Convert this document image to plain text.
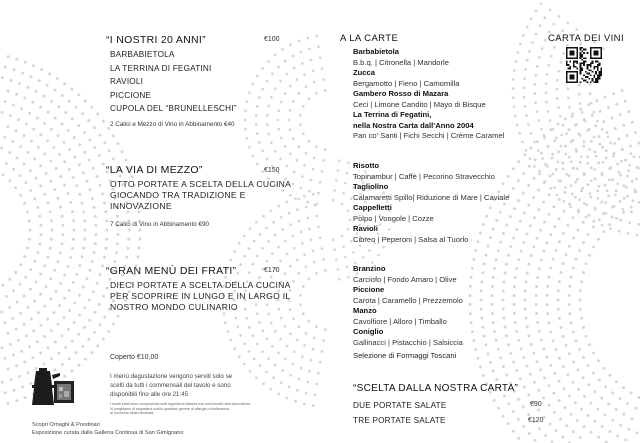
“I NOSTRI 20 ANNI”	€100
BARBABIETOLA
LA TERRINA DI FEGATINI
RAVIOLI
PICCIONE
CUPOLA DEL “BRUNELLESCHI”
2 Calici e Mezzo di Vino in Abbinamento €40
“LA VIA DI MEZZO”	€150
OTTO PORTATE A SCELTA DELLA CUCINA
GIOCANDO TRA TRADIZIONE E
INNOVAZIONE
7 Calici di Vino in Abbinamento €90
“GRAN MENÙ DEI FRATI”	€170
DIECI PORTATE A SCELTA DELLA CUCINA
PER SCOPRIRE IN LUNGO E IN LARGO IL
NOSTRO MONDO CULINARIO
Coperto €10,00
I menù degustazione vengono serviti solo se
scelti da tutti i commensali del tavolo e sono
disponibili fino alle ore 21:45
I nostri piatti sono composti da molti ingredienti talvolta non menzionati nella descrizione.
Vi preghiamo di segnalarci subito qualsiasi genere di allergia o intolleranza
al momento della comanda.
Scopri Ornaghi & Prestinari
Esposizione curata dalla Galleria Continua di San Gimignano
A LA CARTE	CARTA DEI VINI
Barbabietola
B.b.q. | Citronella | Mandorle
Zucca
Bergamotto | Fieno | Camomilla
Gambero Rosso di Mazara
Ceci | Limone Candito | Mayo di Bisque
La Terrina di Fegatini,
nella Nostra Carta dall’Anno 2004
Pan co’ Santi | Fichi Secchi | Crème Caramel
Risotto
Topinambur | Caffè | Pecorino Stravecchio
Tagliolino
Calamaretti Spillo| Riduzione di Mare | Caviale
Cappelletti
Polpo | Vongole | Cozze
Ravioli
Cibreo | Peperoni | Salsa al Tuorlo
Branzino
Carciofo | Fondo Amaro | Olive
Piccione
Carota | Caramello | Prezzemolo
Manzo
Cavolfiore | Alloro | Timballo
Coniglio
Gallinacci | Pistacchio | Salsiccia
Selezione di Formaggi Toscani
“SCELTA DALLA NOSTRA CARTA”
DUE PORTATE SALATE	€90
TRE PORTATE SALATE	€120
